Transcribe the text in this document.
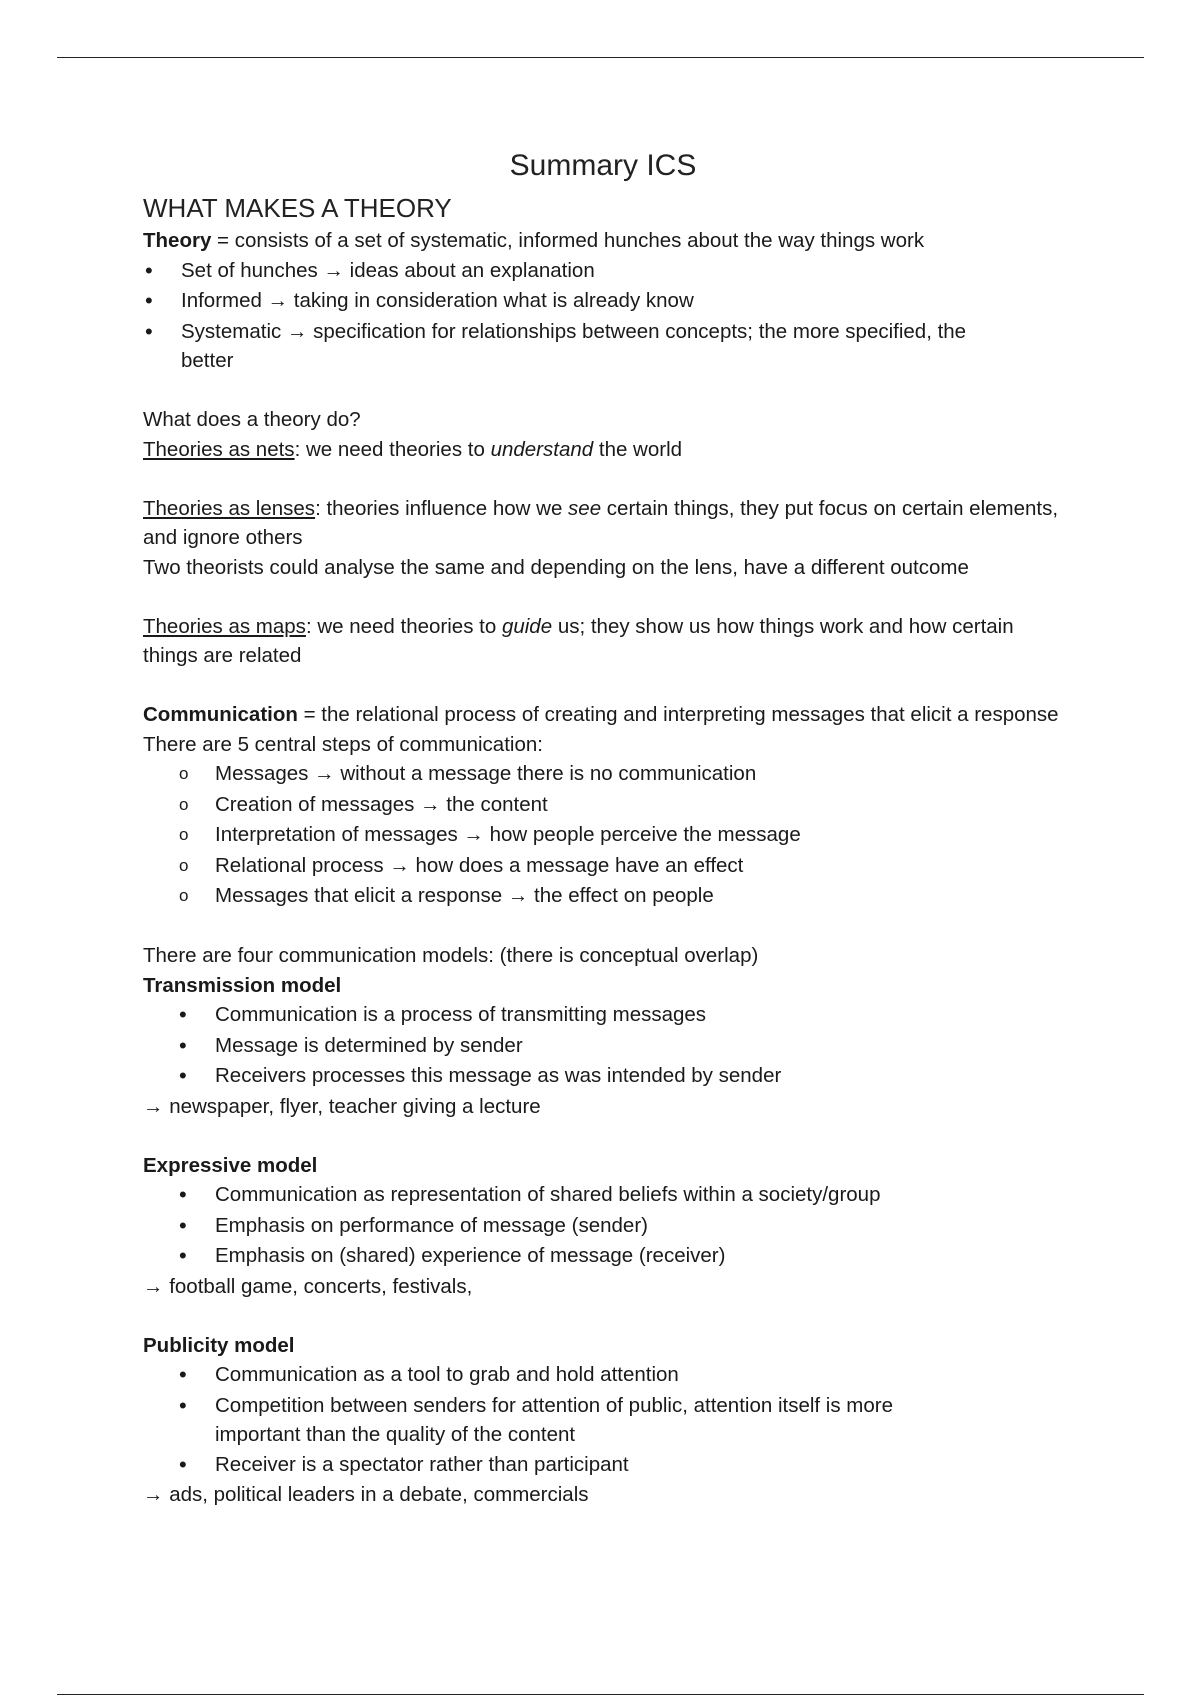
Summary ICS
WHAT MAKES A THEORY
Theory = consists of a set of systematic, informed hunches about the way things work
•
Set of hunches → ideas about an explanation
•
Informed → taking in consideration what is already know
•
Systematic → specification for relationships between concepts; the more specified, the better
What does a theory do?
Theories as nets: we need theories to understand the world
Theories as lenses: theories influence how we see certain things, they put focus on certain elements, and ignore others
Two theorists could analyse the same and depending on the lens, have a different outcome
Theories as maps: we need theories to guide us; they show us how things work and how certain things are related
Communication = the relational process of creating and interpreting messages that elicit a response
There are 5 central steps of communication:
o
Messages → without a message there is no communication
o
Creation of messages → the content
o
Interpretation of messages → how people perceive the message
o
Relational process → how does a message have an effect
o
Messages that elicit a response → the effect on people
There are four communication models: (there is conceptual overlap)
Transmission model
•
Communication is a process of transmitting messages
•
Message is determined by sender
•
Receivers processes this message as was intended by sender
→ newspaper, flyer, teacher giving a lecture
Expressive model
•
Communication as representation of shared beliefs within a society/group
•
Emphasis on performance of message (sender)
•
Emphasis on (shared) experience of message (receiver)
→ football game, concerts, festivals,
Publicity model
•
Communication as a tool to grab and hold attention
•
Competition between senders for attention of public, attention itself is more important than the quality of the content
•
Receiver is a spectator rather than participant
→ ads, political leaders in a debate, commercials
